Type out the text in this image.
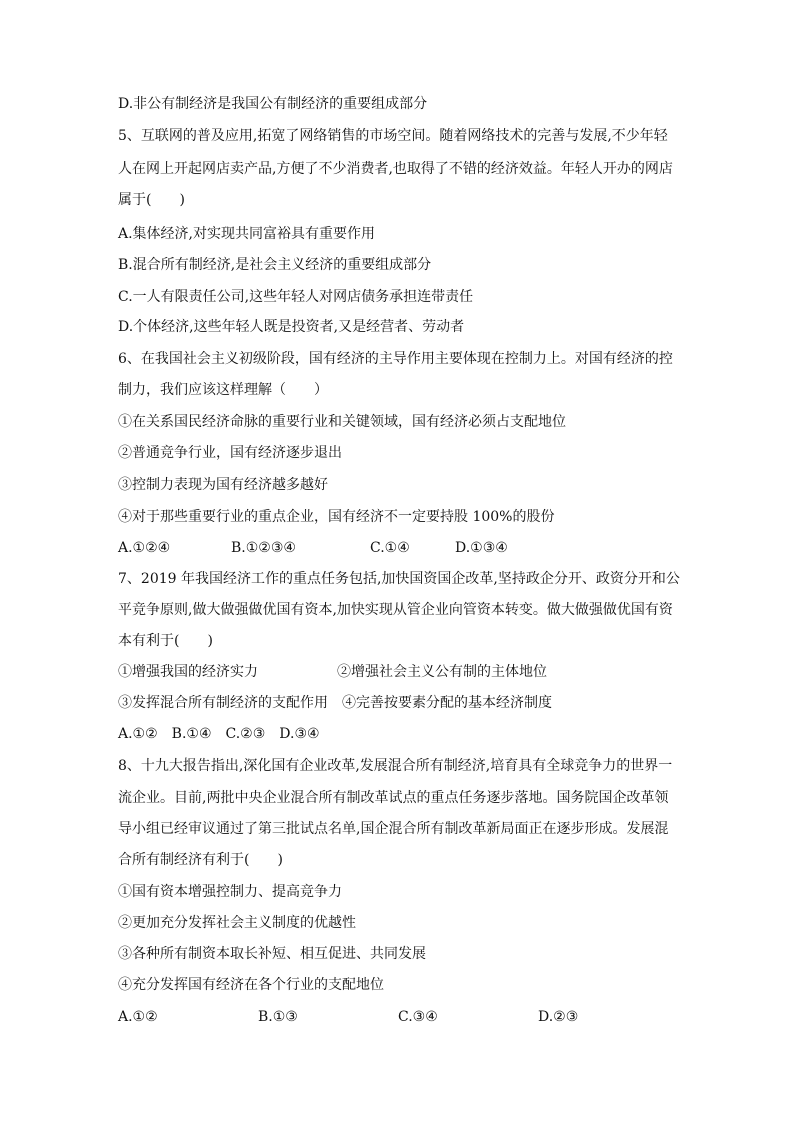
D.非公有制经济是我国公有制经济的重要组成部分
5、互联网的普及应用,拓宽了网络销售的市场空间。随着网络技术的完善与发展,不少年轻
人在网上开起网店卖产品,方便了不少消费者,也取得了不错的经济效益。年轻人开办的网店
属于(　　)
A.集体经济,对实现共同富裕具有重要作用
B.混合所有制经济,是社会主义经济的重要组成部分
C.一人有限责任公司,这些年轻人对网店债务承担连带责任
D.个体经济,这些年轻人既是投资者,又是经营者、劳动者
6、在我国社会主义初级阶段，国有经济的主导作用主要体现在控制力上。对国有经济的控
制力，我们应该这样理解（　　）
①在关系国民经济命脉的重要行业和关键领域，国有经济必须占支配地位
②普通竞争行业，国有经济逐步退出
③控制力表现为国有经济越多越好
④对于那些重要行业的重点企业，国有经济不一定要持股 100%的股份
A.①②④	B.①②③④	C.①④	D.①③④
7、2019 年我国经济工作的重点任务包括,加快国资国企改革,坚持政企分开、政资分开和公
平竞争原则,做大做强做优国有资本,加快实现从管企业向管资本转变。做大做强做优国有资
本有利于(　　)
①增强我国的经济实力	②增强社会主义公有制的主体地位
③发挥混合所有制经济的支配作用　④完善按要素分配的基本经济制度
A.①②　B.①④　C.②③　D.③④
8、十九大报告指出,深化国有企业改革,发展混合所有制经济,培育具有全球竞争力的世界一
流企业。目前,两批中央企业混合所有制改革试点的重点任务逐步落地。国务院国企改革领
导小组已经审议通过了第三批试点名单,国企混合所有制改革新局面正在逐步形成。发展混
合所有制经济有利于(　　)
①国有资本增强控制力、提高竞争力
②更加充分发挥社会主义制度的优越性
③各种所有制资本取长补短、相互促进、共同发展
④充分发挥国有经济在各个行业的支配地位
A.①②	B.①③	C.③④	D.②③
